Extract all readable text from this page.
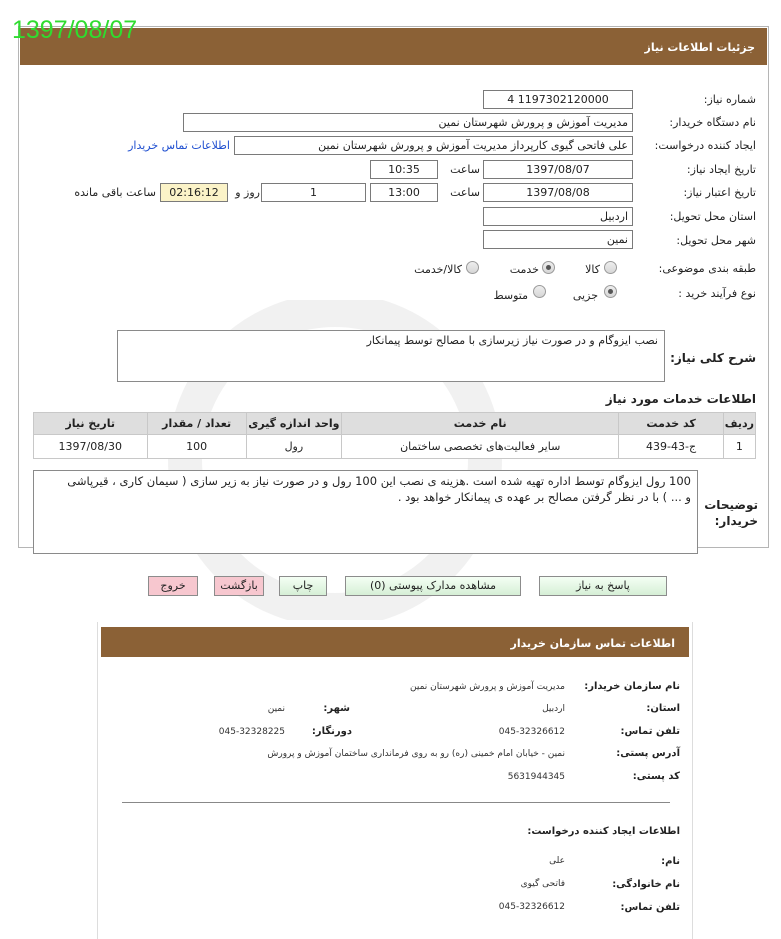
جزئیات اطلاعات نیاز
1397/08/07
شماره نیاز:
1197302120000 4
نام دستگاه خریدار:
مدیریت آموزش و پرورش شهرستان نمین
ایجاد کننده درخواست:
علی فاتحی گیوی کارپرداز مدیریت آموزش و پرورش شهرستان نمین
اطلاعات تماس خریدار
تاریخ ایجاد نیاز:
1397/08/07
ساعت
10:35
تاریخ اعتبار نیاز:
1397/08/08
ساعت
13:00
1
روز و
02:16:12
ساعت باقی مانده
استان محل تحویل:
اردبیل
شهر محل تحویل:
نمین
طبقه بندی موضوعی:
کالا
خدمت
کالا/خدمت
نوع فرآیند خرید :
جزیی
متوسط
شرح کلی نیاز:
نصب ایزوگام و در صورت نیاز زیرسازی با مصالح توسط پیمانکار
اطلاعات خدمات مورد نیاز
ردیف	کد خدمت	نام خدمت	واحد اندازه گیری	تعداد / مقدار	تاریخ نیاز
1	ج-43-439	سایر فعالیت‌های تخصصی ساختمان	رول	100	1397/08/30
توضیحات
خریدار:
100 رول ایزوگام توسط اداره تهیه شده است .هزینه ی نصب این 100 رول و در صورت نیاز به زیر سازی ( سیمان کاری ، قیرپاشی
و ... ) با در نظر گرفتن مصالح بر عهده ی پیمانکار خواهد بود .
پاسخ به نیاز
مشاهده مدارک پیوستی (0)
چاپ
بازگشت
خروج
اطلاعات تماس سازمان خریدار
نام سازمان خریدار:
مدیریت آموزش و پرورش شهرستان نمین
استان:
اردبیل
شهر:
نمین
تلفن تماس:
045-32326612
دورنگار:
045-32328225
آدرس پستی:
نمین - خیابان امام خمینی (ره) رو به روی فرمانداری ساختمان آموزش و پرورش
کد پستی:
5631944345
اطلاعات ایجاد کننده درخواست:
نام:
علی
نام خانوادگی:
فاتحی گیوی
تلفن تماس:
045-32326612
